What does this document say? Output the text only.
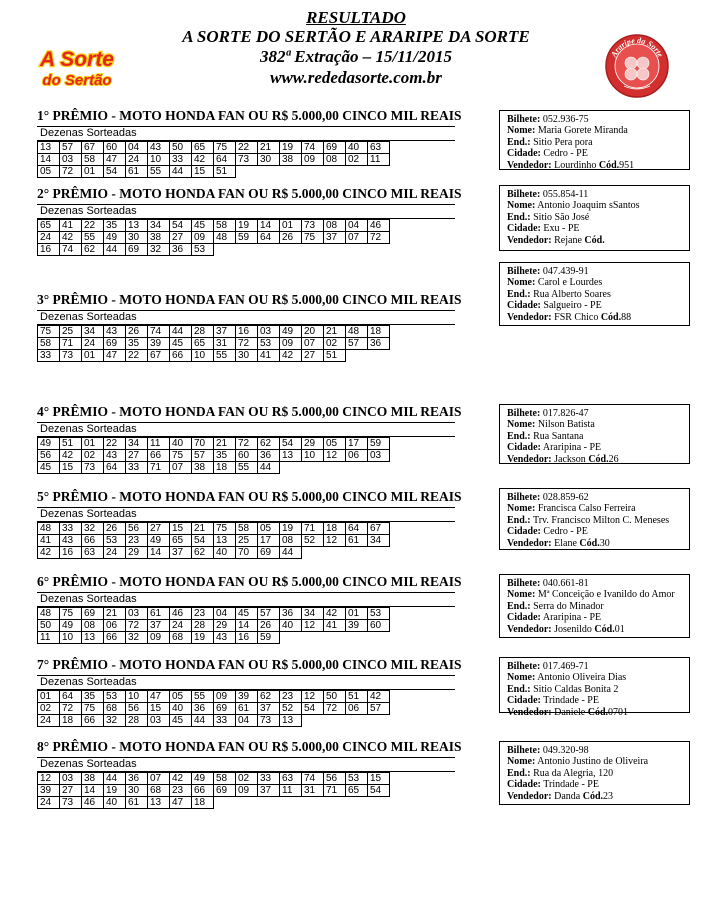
RESULTADO
A SORTE DO SERTÃO E ARARIPE DA SORTE
382ª Extração – 15/11/2015
www.rededasorte.com.br
A Sorte
do Sertão
Araripe da Sorte
1° PRÊMIO - MOTO HONDA FAN OU R$ 5.000,00 CINCO MIL REAIS
Dezenas Sorteadas
13	57	67	60	04	43	50	65	75	22	21	19	74	69	40	63
14	03	58	47	24	10	33	42	64	73	30	38	09	08	02	11
05	72	01	54	61	55	44	15	51							
2° PRÊMIO - MOTO HONDA FAN OU R$ 5.000,00 CINCO MIL REAIS
Dezenas Sorteadas
65	41	22	35	13	34	54	45	58	19	14	01	73	08	04	46
24	42	55	49	30	38	27	09	48	59	64	26	75	37	07	72
16	74	62	44	69	32	36	53								
3° PRÊMIO - MOTO HONDA FAN OU R$ 5.000,00 CINCO MIL REAIS
Dezenas Sorteadas
75	25	34	43	26	74	44	28	37	16	03	49	20	21	48	18
58	71	24	69	35	39	45	65	31	72	53	09	07	02	57	36
33	73	01	47	22	67	66	10	55	30	41	42	27	51		
4° PRÊMIO - MOTO HONDA FAN OU R$ 5.000,00 CINCO MIL REAIS
Dezenas Sorteadas
49	51	01	22	34	11	40	70	21	72	62	54	29	05	17	59
56	42	02	43	27	66	75	57	35	60	36	13	10	12	06	03
45	15	73	64	33	71	07	38	18	55	44					
5° PRÊMIO - MOTO HONDA FAN OU R$ 5.000,00 CINCO MIL REAIS
Dezenas Sorteadas
48	33	32	26	56	27	15	21	75	58	05	19	71	18	64	67
41	43	66	53	23	49	65	54	13	25	17	08	52	12	61	34
42	16	63	24	29	14	37	62	40	70	69	44				
6° PRÊMIO - MOTO HONDA FAN OU R$ 5.000,00 CINCO MIL REAIS
Dezenas Sorteadas
48	75	69	21	03	61	46	23	04	45	57	36	34	42	01	53
50	49	08	06	72	37	24	28	29	14	26	40	12	41	39	60
11	10	13	66	32	09	68	19	43	16	59					
7° PRÊMIO - MOTO HONDA FAN OU R$ 5.000,00 CINCO MIL REAIS
Dezenas Sorteadas
01	64	35	53	10	47	05	55	09	39	62	23	12	50	51	42
02	72	75	68	56	15	40	36	69	61	37	52	54	72	06	57
24	18	66	32	28	03	45	44	33	04	73	13				
8° PRÊMIO - MOTO HONDA FAN OU R$ 5.000,00 CINCO MIL REAIS
Dezenas Sorteadas
12	03	38	44	36	07	42	49	58	02	33	63	74	56	53	15
39	27	14	19	30	68	23	66	69	09	37	11	31	71	65	54
24	73	46	40	61	13	47	18								
Bilhete: 052.936-75
Nome: Maria Gorete Miranda
End.: Sitio Pera pora
Cidade: Cedro - PE
Vendedor: Lourdinho Cód.951
Bilhete: 055.854-11
Nome: Antonio Joaquim sSantos
End.: Sitio São José
Cidade: Exu - PE
Vendedor: Rejane Cód.
Bilhete: 047.439-91
Nome: Carol e Lourdes
End.: Rua Alberto Soares
Cidade: Salgueiro - PE
Vendedor: FSR Chico Cód.88
Bilhete: 017.826-47
Nome: Nilson Batista
End.: Rua Santana
Cidade: Araripina - PE
Vendedor: Jackson Cód.26
Bilhete: 028.859-62
Nome: Francisca Calso Ferreira
End.: Trv. Francisco Milton C. Meneses
Cidade: Cedro - PE
Vendedor: Elane Cód.30
Bilhete: 040.661-81
Nome: Mª Conceição e Ivanildo do Amor
End.: Serra do Minador
Cidade: Araripina - PE
Vendedor: Josenildo Cód.01
Bilhete: 017.469-71
Nome: Antonio Oliveira Dias
End.: Sitio Caldas Bonita 2
Cidade: Trindade - PE
Vendedor: Daniele Cód.0701
Bilhete: 049.320-98
Nome: Antonio Justino de Oliveira
End.: Rua da Alegria, 120
Cidade: Trindade - PE
Vendedor: Danda Cód.23
